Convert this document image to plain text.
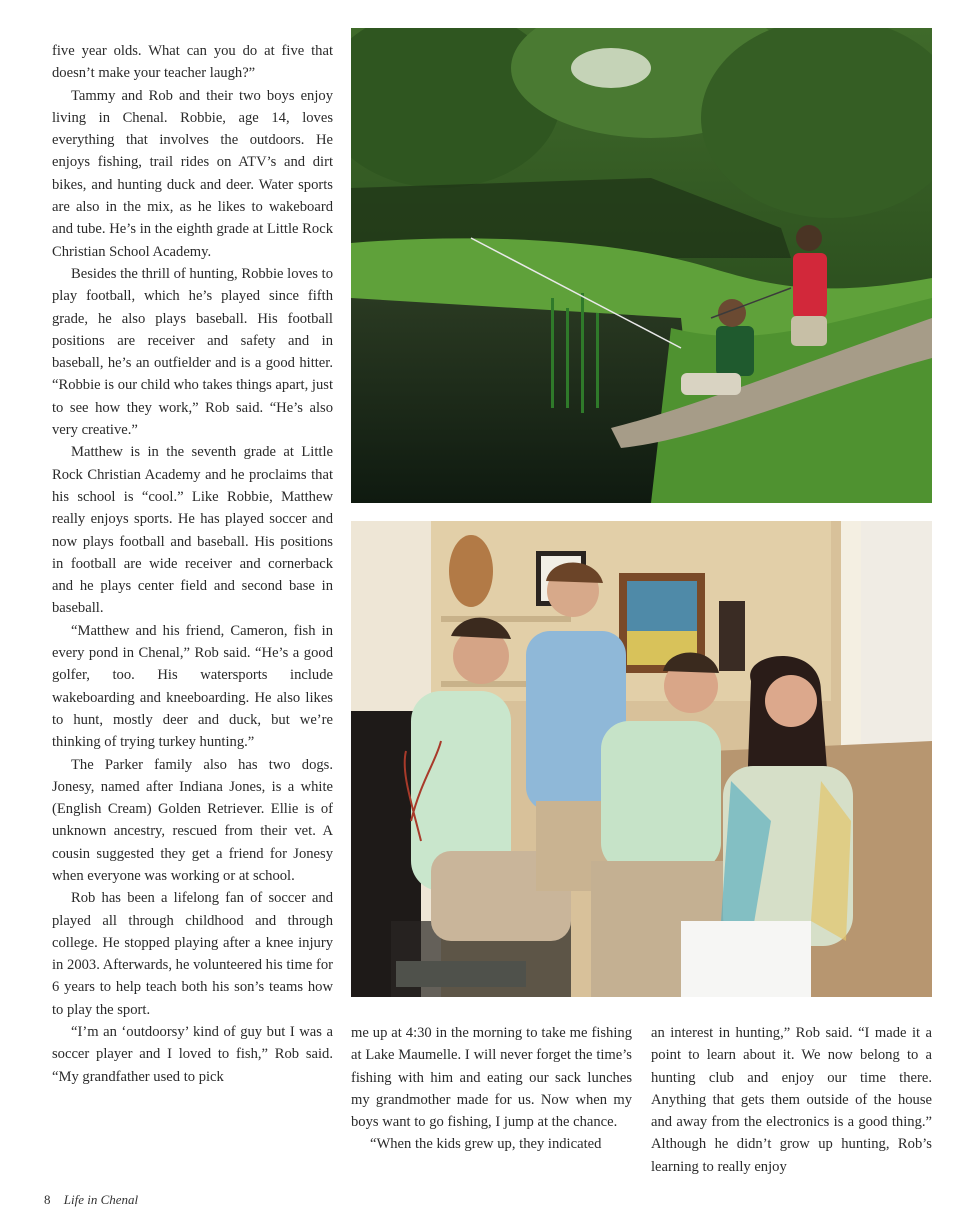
five year olds. What can you do at five that doesn’t make your teacher laugh?”

Tammy and Rob and their two boys enjoy living in Chenal. Robbie, age 14, loves everything that involves the outdoors. He enjoys fishing, trail rides on ATV’s and dirt bikes, and hunting duck and deer. Water sports are also in the mix, as he likes to wakeboard and tube. He’s in the eighth grade at Little Rock Christian School Academy.

Besides the thrill of hunting, Robbie loves to play football, which he’s played since fifth grade, he also plays baseball. His football positions are receiver and safety and in baseball, he’s an outfielder and is a good hitter. “Robbie is our child who takes things apart, just to see how they work,” Rob said. “He’s also very creative.”

Matthew is in the seventh grade at Little Rock Christian Academy and he proclaims that his school is “cool.” Like Robbie, Matthew really enjoys sports. He has played soccer and now plays football and baseball. His positions in football are wide receiver and cornerback and he plays center field and second base in baseball.

“Matthew and his friend, Cameron, fish in every pond in Chenal,” Rob said. “He’s a good golfer, too. His watersports include wakeboarding and kneeboarding. He also likes to hunt, mostly deer and duck, but we’re thinking of trying turkey hunting.”

The Parker family also has two dogs. Jonesy, named after Indiana Jones, is a white (English Cream) Golden Retriever. Ellie is of unknown ancestry, rescued from their vet. A cousin suggested they get a friend for Jonesy when everyone was working or at school.

Rob has been a lifelong fan of soccer and played all through childhood and through college. He stopped playing after a knee injury in 2003. Afterwards, he volunteered his time for 6 years to help teach both his son’s teams how to play the sport.

“I’m an ‘outdoorsy’ kind of guy but I was a soccer player and I loved to fish,” Rob said. “My grandfather used to pick

me up at 4:30 in the morning to take me fishing at Lake Maumelle. I will never forget the time’s fishing with him and eating our sack lunches my grandmother made for us. Now when my boys want to go fishing, I jump at the chance.

“When the kids grew up, they indicated

an interest in hunting,” Rob said. “I made it a point to learn about it. We now belong to a hunting club and enjoy our time there. Anything that gets them outside of the house and away from the electronics is a good thing.” Although he didn’t grow up hunting, Rob’s learning to really enjoy

8 Life in Chenal
